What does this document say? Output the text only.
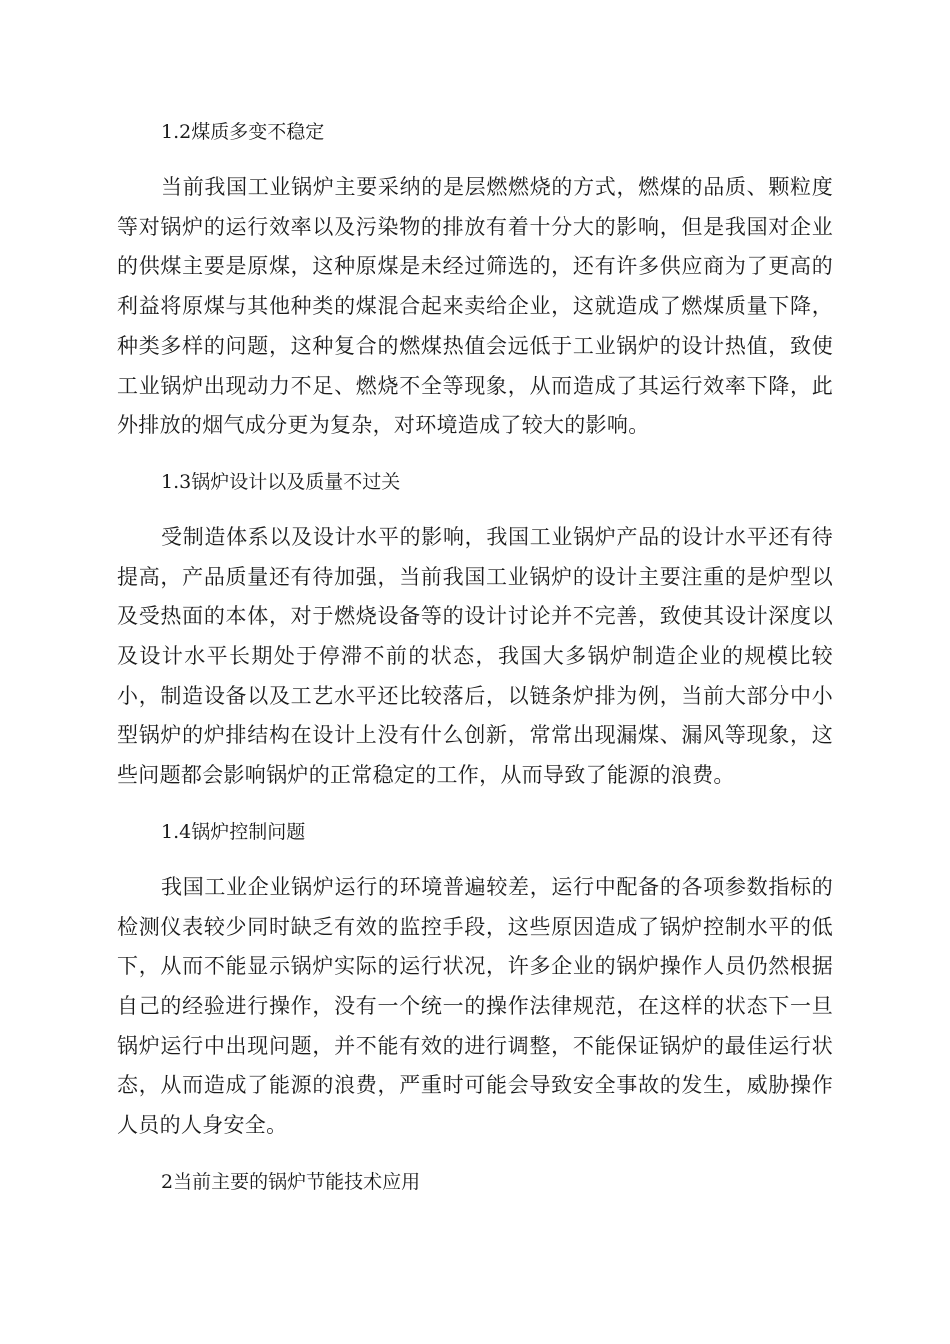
1.2煤质多变不稳定

当前我国工业锅炉主要采纳的是层燃燃烧的方式，燃煤的品质、颗粒度等对锅炉的运行效率以及污染物的排放有着十分大的影响，但是我国对企业的供煤主要是原煤，这种原煤是未经过筛选的，还有许多供应商为了更高的利益将原煤与其他种类的煤混合起来卖给企业，这就造成了燃煤质量下降，种类多样的问题，这种复合的燃煤热值会远低于工业锅炉的设计热值，致使工业锅炉出现动力不足、燃烧不全等现象，从而造成了其运行效率下降，此外排放的烟气成分更为复杂，对环境造成了较大的影响。

1.3锅炉设计以及质量不过关

受制造体系以及设计水平的影响，我国工业锅炉产品的设计水平还有待提高，产品质量还有待加强，当前我国工业锅炉的设计主要注重的是炉型以及受热面的本体，对于燃烧设备等的设计讨论并不完善，致使其设计深度以及设计水平长期处于停滞不前的状态，我国大多锅炉制造企业的规模比较小，制造设备以及工艺水平还比较落后，以链条炉排为例，当前大部分中小型锅炉的炉排结构在设计上没有什么创新，常常出现漏煤、漏风等现象，这些问题都会影响锅炉的正常稳定的工作，从而导致了能源的浪费。

1.4锅炉控制问题

我国工业企业锅炉运行的环境普遍较差，运行中配备的各项参数指标的检测仪表较少同时缺乏有效的监控手段，这些原因造成了锅炉控制水平的低下，从而不能显示锅炉实际的运行状况，许多企业的锅炉操作人员仍然根据自己的经验进行操作，没有一个统一的操作法律规范，在这样的状态下一旦锅炉运行中出现问题，并不能有效的进行调整，不能保证锅炉的最佳运行状态，从而造成了能源的浪费，严重时可能会导致安全事故的发生，威胁操作人员的人身安全。

2当前主要的锅炉节能技术应用
